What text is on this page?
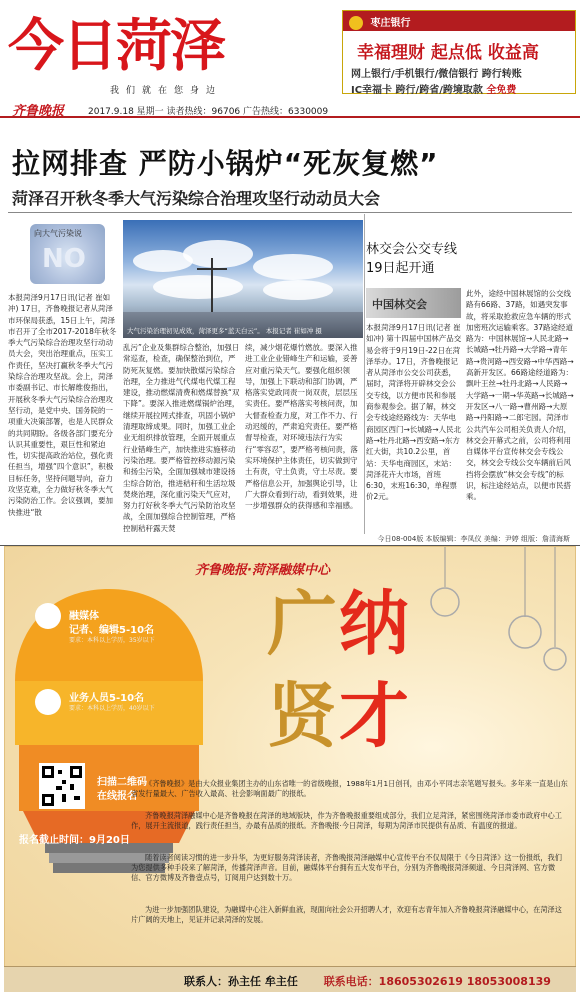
今日菏泽
我们就在您身边
枣庄银行
幸福理财 起点低 收益高
网上银行/手机银行/微信银行 跨行转账
IC幸福卡 跨行/跨省/跨境取款 全免费
齐鲁晚报	2017.9.18 星期一 读者热线：96706 广告热线：6330009
拉网排查 严防小锅炉“死灰复燃”
菏泽召开秋冬季大气污染综合治理攻坚行动动员大会
向大气污染说
NO
本报菏泽9月17日讯(记者 崔如冲) 17日，齐鲁晚报记者从菏泽市环保局获悉，15日上午，菏泽市召开了全市2017-2018年秋冬季大气污染综合治理攻坚行动动员大会，突出治理重点，压实工作责任，坚决打赢秋冬季大气污染综合治理攻坚战。会上，菏泽市委副书记、市长解维俊指出，开展秋冬季大气污染综合治理攻坚行动，是党中央、国务院的一项重大决策部署，也是人民群众的共同期盼。各级各部门要充分认识其重要性，艰巨性和紧迫性，切实提高政治站位，强化责任担当，增强“四个意识”，积极目标任务，坚持问题导向，奋力攻坚克难，全力做好秋冬季大气污染防治工作。会议强调，要加快推进“散
大气污染治理初见成效，菏泽更多“蓝天白云”。 本报记者 崔如冲 摄
乱污”企业及集群综合整治，加强日常巡查，检查，确保整治到位，严防死灰复燃。要加快散煤污染综合治理，全力推进气代煤电代煤工程建设，推动燃煤清费和燃煤替换“双下降”。要深入推进燃煤锅炉治理，继续开展拉网式排查，巩固小锅炉清理取缔成果。同时，加强工业企业无组织排放管理，全面开展重点行业错峰生产，加快推进实施移动污染治理。要严格管控移动源污染和扬尘污染，全面加强城市建设扬尘综合防治，推进秸秆和生活垃圾焚烧治理，深化重污染天气应对，努力打好秋冬季大气污染防治攻坚战，全面加强综合控制管理，严格控制秸秆露天焚
续，减少烟花爆竹燃放。要深入推进工业企业错峰生产和运输，妥善应对重污染天气。要强化组织领导，加强上下联动和部门协调，严格落实党政同责一岗双责，层层压实责任。要严格落实考核问责，加大督查检查力度，对工作不力、行动迟缓的，严肃追究责任。要严格督导检查，对环境违法行为实行“零容忍”，要严格考核问责，落实环境保护主体责任，切实做到守土有责，守土负责，守土尽责。要严格信息公开，加强舆论引导，让广大群众看到行动，看到效果，进一步增强群众的获得感和幸福感。
林交会公交专线
19日起开通
中国林交会
本报菏泽9月17日讯(记者 崔如冲) 第十四届中国林产品交易会将于9月19日-22日在菏泽举办。17日，齐鲁晚报记者从菏泽市公交公司获悉，届时，菏泽将开辟林交会公交专线，以方便市民和参展商参观参会。据了解，林交会专线途经路线为：天华电商园区西门→长城路→人民北路→牡丹北路→西安路→东方红大街，共10.2公里，首站：天华电商园区，末站：菏泽花卉大市场，首班6:30，末班16:30，单程票价2元。
此外，途经中国林展馆的公交线路有66路、37路，如遇突发事故，将采取抢救应急车辆的形式加密班次运输乘客。37路途经道路为：中国林展馆→人民北路→长城路→牡丹路→大学路→青年路→贵河路→西安路→中华西路→高新开发区。66路途经道路为：飘叶王丝→牡丹北路→人民路→大学路→一期→华英路→长城路→开发区→八一路→曹州路→大原路→丹阳路→二郎宅园。菏泽市公共汽车公司相关负责人介绍，林交会开幕式之前，公司将利用自媒体平台宣传林交会专线公交，林交会专线公交车辆前后风挡将会摆放“林交会专线”的标识，标注途经站点，以便市民搭乘。
今日08-004版 本版编辑：李凤仪 美编：尹婷 组版：詹清海斯
齐鲁晚报·菏泽融媒中心
融媒体
记者、编辑5-10名
要求：本科以上学历，35岁以下
业务人员5-10名
要求：本科以上学历，40岁以下
扫描二维码
在线报名
报名截止时间：9月20日
广 纳
贤 才
《齐鲁晚报》是由大众报业集团主办的山东省唯一的省级晚报，1988年1月1日创刊，由邓小平同志亲笔题写报头。多年来一直是山东省发行量最大、广告收入最高、社会影响面最广的报纸。
齐鲁晚报菏泽融媒中心是齐鲁晚报在菏泽的地域版块，作为齐鲁晚报重要组成部分，我们立足菏泽，紧密围绕菏泽市委市政府中心工作，展开主流报道，践行责任担当，办最有品质的报纸。齐鲁晚报·今日菏泽，每期为菏泽市民提供有品质、有温度的报道。
随着读者阅读习惯的进一步升华，为更好服务菏泽读者，齐鲁晚报菏泽融媒中心宣传平台不仅局限于《今日菏泽》这一份报纸，我们为您提供多种手段来了解菏泽，传播菏泽声音。目前，融媒体平台拥有五大发布平台，分别为齐鲁晚报菏泽频道、今日菏泽网、官方微信、官方微博及齐鲁壹点号，订阅用户达到数十万。
为进一步加强团队建设，为融媒中心注入新鲜血液，现面向社会公开招聘人才，欢迎有志青年加入齐鲁晚报菏泽融媒中心，在菏泽这片广阔的天地上，见证并记录菏泽的发展。
联系人：孙主任 牟主任 联系电话：18605302619 18053008139
